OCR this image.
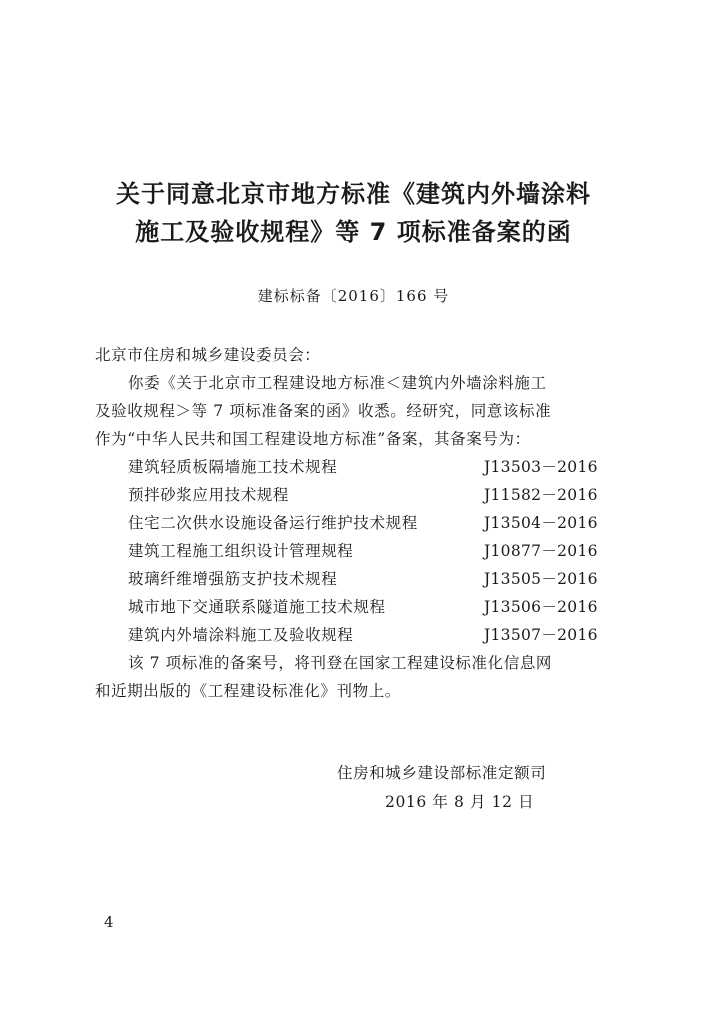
关于同意北京市地方标准《建筑内外墙涂料
施工及验收规程》等 7 项标准备案的函
建标标备〔2016〕166 号
北京市住房和城乡建设委员会：
你委《关于北京市工程建设地方标准＜建筑内外墙涂料施工
及验收规程＞等 7 项标准备案的函》收悉。经研究，同意该标准
作为“中华人民共和国工程建设地方标准”备案，其备案号为：
建筑轻质板隔墙施工技术规程	J13503－2016
预拌砂浆应用技术规程	J11582－2016
住宅二次供水设施设备运行维护技术规程	J13504－2016
建筑工程施工组织设计管理规程	J10877－2016
玻璃纤维增强筋支护技术规程	J13505－2016
城市地下交通联系隧道施工技术规程	J13506－2016
建筑内外墙涂料施工及验收规程	J13507－2016
该 7 项标准的备案号，将刊登在国家工程建设标准化信息网
和近期出版的《工程建设标准化》刊物上。
住房和城乡建设部标准定额司
2016 年 8 月 12 日
4
